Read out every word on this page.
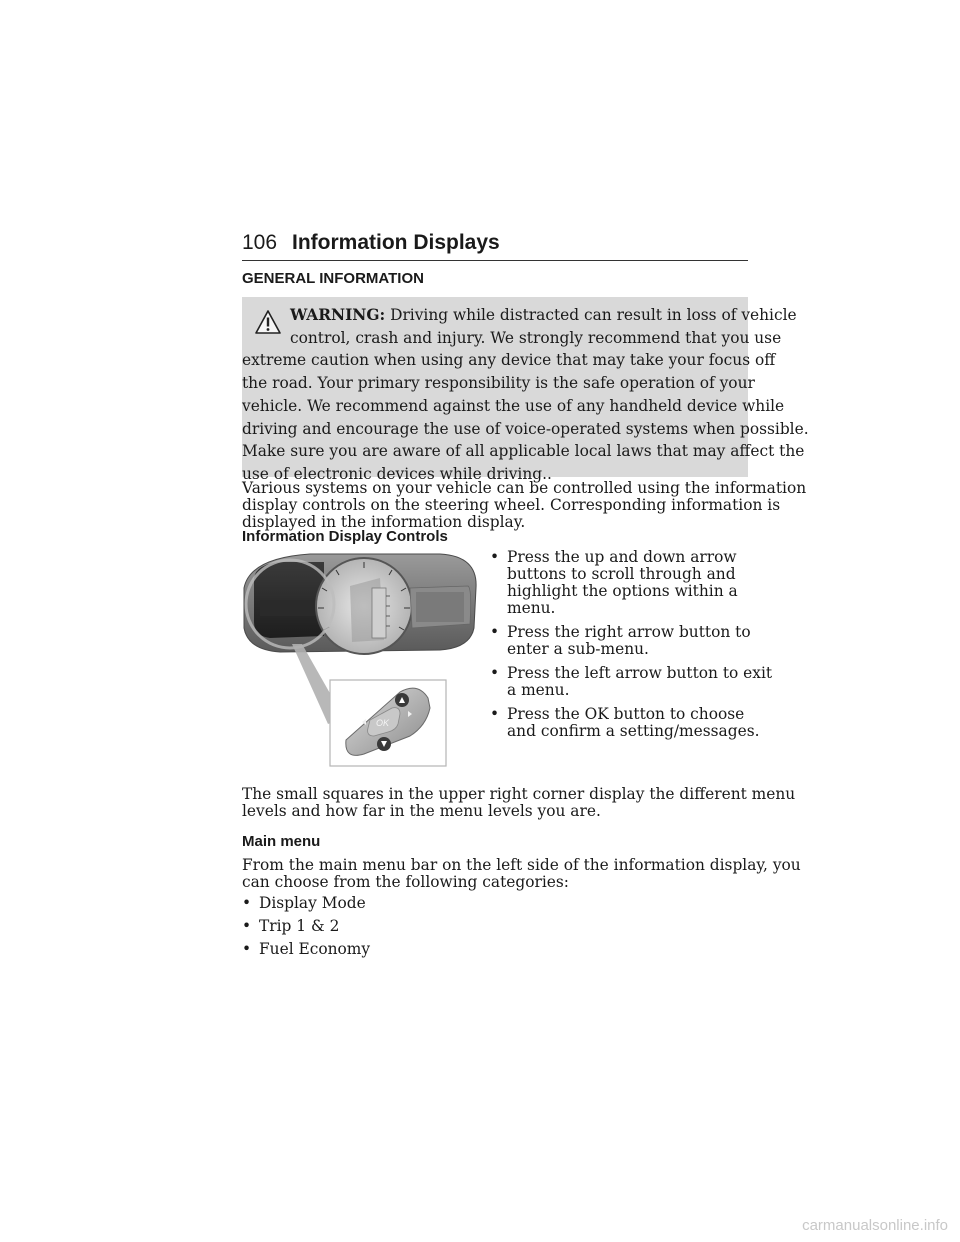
106 Information Displays
GENERAL INFORMATION
WARNING: Driving while distracted can result in loss of vehicle
control, crash and injury. We strongly recommend that you use
extreme caution when using any device that may take your focus off
the road. Your primary responsibility is the safe operation of your
vehicle. We recommend against the use of any handheld device while
driving and encourage the use of voice-operated systems when possible.
Make sure you are aware of all applicable local laws that may affect the
use of electronic devices while driving..
Various systems on your vehicle can be controlled using the information
display controls on the steering wheel. Corresponding information is
displayed in the information display.
Information Display Controls
OK
• Press the up and down arrow
buttons to scroll through and
highlight the options within a
menu.
• Press the right arrow button to
enter a sub-menu.
• Press the left arrow button to exit
a menu.
• Press the OK button to choose
and confirm a setting/messages.
The small squares in the upper right corner display the different menu
levels and how far in the menu levels you are.
Main menu
From the main menu bar on the left side of the information display, you
can choose from the following categories:
• Display Mode
• Trip 1 & 2
• Fuel Economy
carmanualsonline.info
